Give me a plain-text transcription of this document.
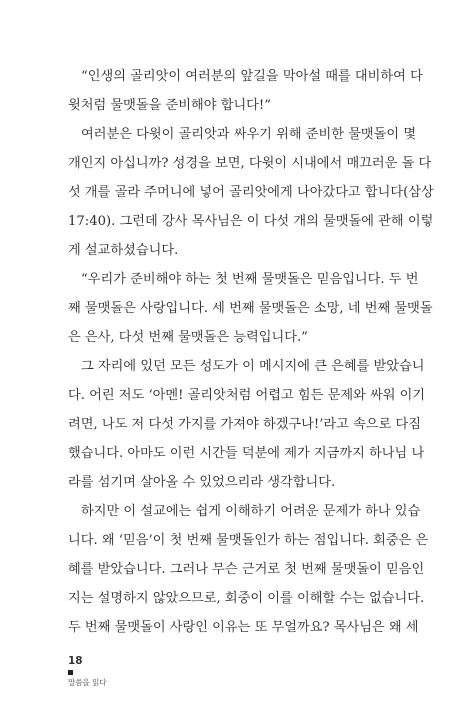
“인생의 골리앗이 여러분의 앞길을 막아설 때를 대비하여 다
윗처럼 물맷돌을 준비해야 합니다!”

여러분은 다윗이 골리앗과 싸우기 위해 준비한 물맷돌이 몇
개인지 아십니까? 성경을 보면, 다윗이 시내에서 매끄러운 돌 다
섯 개를 골라 주머니에 넣어 골리앗에게 나아갔다고 합니다(삼상
17:40). 그런데 강사 목사님은 이 다섯 개의 물맷돌에 관해 이렇
게 설교하셨습니다.

“우리가 준비해야 하는 첫 번째 물맷돌은 믿음입니다. 두 번
째 물맷돌은 사랑입니다. 세 번째 물맷돌은 소망, 네 번째 물맷돌
은 은사, 다섯 번째 물맷돌은 능력입니다.”

그 자리에 있던 모든 성도가 이 메시지에 큰 은혜를 받았습니
다. 어린 저도 ‘아멘! 골리앗처럼 어렵고 힘든 문제와 싸워 이기
려면, 나도 저 다섯 가지를 가져야 하겠구나!’라고 속으로 다짐
했습니다. 아마도 이런 시간들 덕분에 제가 지금까지 하나님 나
라를 섬기며 살아올 수 있었으리라 생각합니다.

하지만 이 설교에는 쉽게 이해하기 어려운 문제가 하나 있습
니다. 왜 ‘믿음’이 첫 번째 물맷돌인가 하는 점입니다. 회중은 은
혜를 받았습니다. 그러나 무슨 근거로 첫 번째 물맷돌이 믿음인
지는 설명하지 않았으므로, 회중이 이를 이해할 수는 없습니다.
두 번째 물맷돌이 사랑인 이유는 또 무얼까요? 목사님은 왜 세

18
말씀을 읽다
